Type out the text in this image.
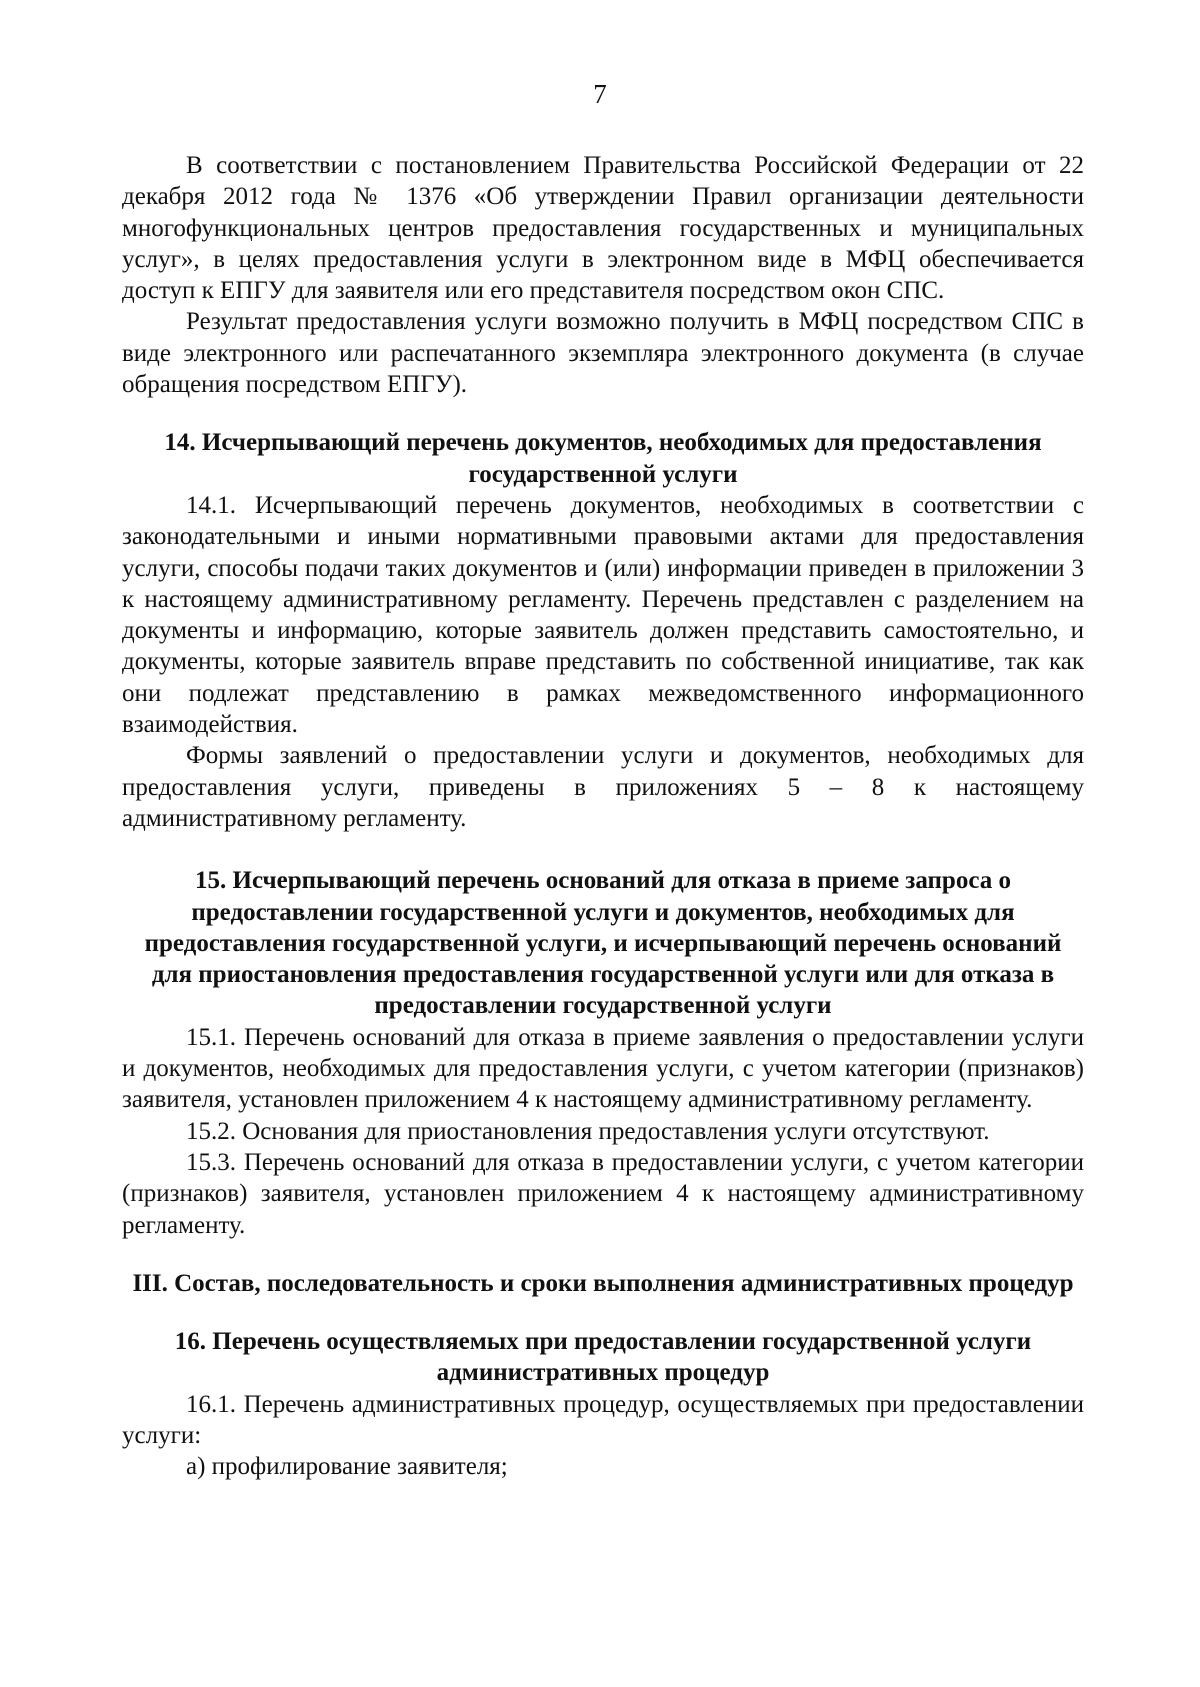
7

В соответствии с постановлением Правительства Российской Федерации от 22 декабря 2012 года № 1376 «Об утверждении Правил организации деятельности многофункциональных центров предоставления государственных и муниципальных услуг», в целях предоставления услуги в электронном виде в МФЦ обеспечивается доступ к ЕПГУ для заявителя или его представителя посредством окон СПС.

Результат предоставления услуги возможно получить в МФЦ посредством СПС в виде электронного или распечатанного экземпляра электронного документа (в случае обращения посредством ЕПГУ).

14. Исчерпывающий перечень документов, необходимых для предоставления государственной услуги

14.1. Исчерпывающий перечень документов, необходимых в соответствии с законодательными и иными нормативными правовыми актами для предоставления услуги, способы подачи таких документов и (или) информации приведен в приложении 3 к настоящему административному регламенту. Перечень представлен с разделением на документы и информацию, которые заявитель должен представить самостоятельно, и документы, которые заявитель вправе представить по собственной инициативе, так как они подлежат представлению в рамках межведомственного информационного взаимодействия.

Формы заявлений о предоставлении услуги и документов, необходимых для предоставления услуги, приведены в приложениях 5 – 8 к настоящему административному регламенту.

15. Исчерпывающий перечень оснований для отказа в приеме запроса о предоставлении государственной услуги и документов, необходимых для предоставления государственной услуги, и исчерпывающий перечень оснований для приостановления предоставления государственной услуги или для отказа в предоставлении государственной услуги

15.1. Перечень оснований для отказа в приеме заявления о предоставлении услуги и документов, необходимых для предоставления услуги, с учетом категории (признаков) заявителя, установлен приложением 4 к настоящему административному регламенту.

15.2. Основания для приостановления предоставления услуги отсутствуют.

15.3. Перечень оснований для отказа в предоставлении услуги, с учетом категории (признаков) заявителя, установлен приложением 4 к настоящему административному регламенту.

III. Состав, последовательность и сроки выполнения административных процедур

16. Перечень осуществляемых при предоставлении государственной услуги административных процедур

16.1. Перечень административных процедур, осуществляемых при предоставлении услуги:

а) профилирование заявителя;
